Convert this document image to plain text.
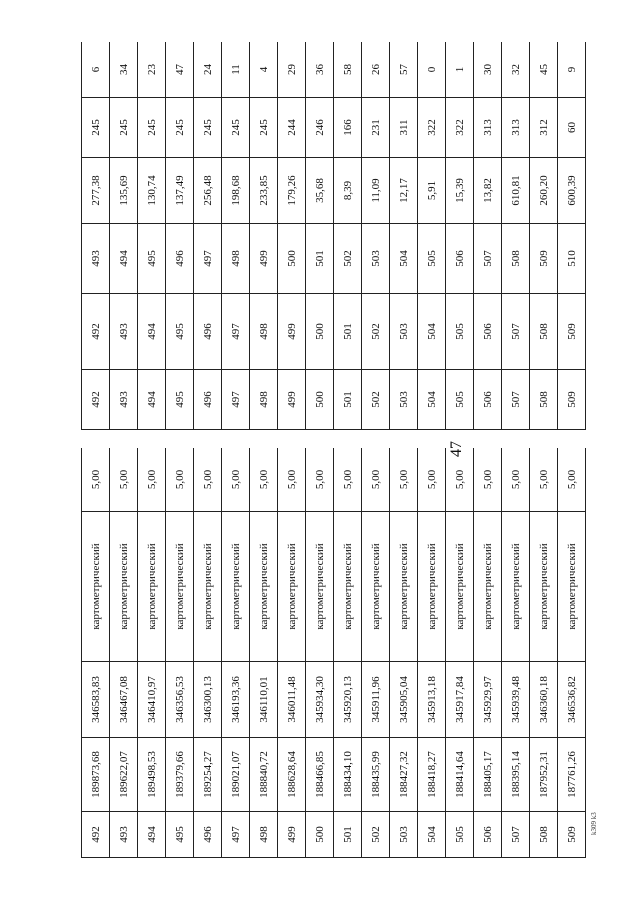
47
k309 k3
492	492	493	277,38	245	6
493	493	494	135,69	245	34
494	494	495	130,74	245	23
495	495	496	137,49	245	47
496	496	497	256,48	245	24
497	497	498	198,68	245	11
498	498	499	233,85	245	4
499	499	500	179,26	244	29
500	500	501	35,68	246	36
501	501	502	8,39	166	58
502	502	503	11,09	231	26
503	503	504	12,17	311	57
504	504	505	5,91	322	0
505	505	506	15,39	322	1
506	506	507	13,82	313	30
507	507	508	610,81	313	32
508	508	509	260,20	312	45
509	509	510	600,39	60	9
492	189873,68	346583,83	картометрический	5,00
493	189622,07	346467,08	картометрический	5,00
494	189498,53	346410,97	картометрический	5,00
495	189379,66	346356,53	картометрический	5,00
496	189254,27	346300,13	картометрический	5,00
497	189021,07	346193,36	картометрический	5,00
498	188840,72	346110,01	картометрический	5,00
499	188628,64	346011,48	картометрический	5,00
500	188466,85	345934,30	картометрический	5,00
501	188434,10	345920,13	картометрический	5,00
502	188435,99	345911,96	картометрический	5,00
503	188427,32	345905,04	картометрический	5,00
504	188418,27	345913,18	картометрический	5,00
505	188414,64	345917,84	картометрический	5,00
506	188405,17	345929,97	картометрический	5,00
507	188395,14	345939,48	картометрический	5,00
508	187952,31	346360,18	картометрический	5,00
509	187761,26	346536,82	картометрический	5,00
